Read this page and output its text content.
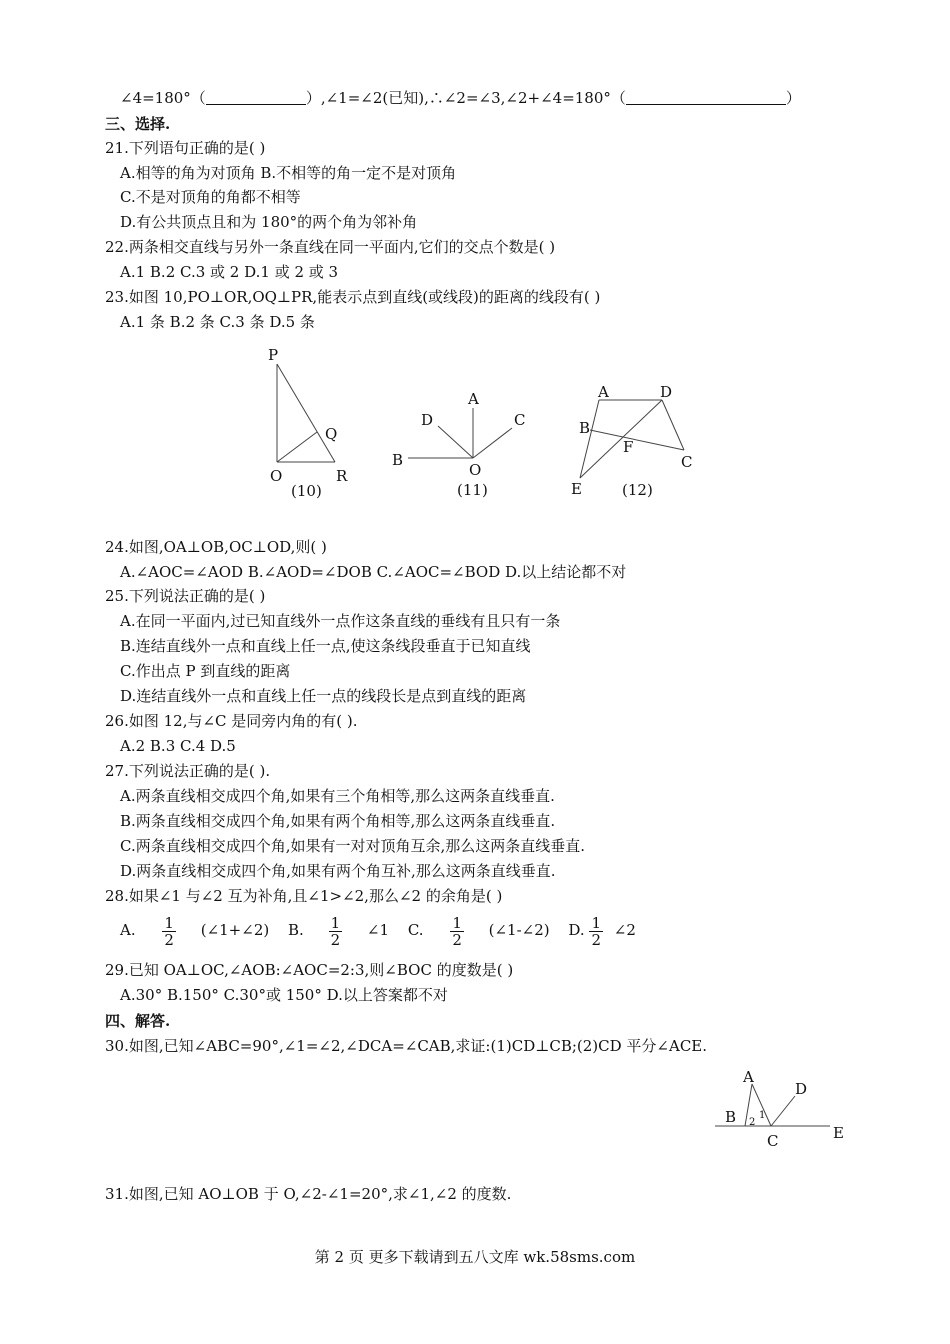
∠4=180°（	）,∠1=∠2(已知),∴∠2=∠3,∠2+∠4=180°（	）
三、选择.
21.下列语句正确的是( )
A.相等的角为对顶角 B.不相等的角一定不是对顶角
C.不是对顶角的角都不相等
D.有公共顶点且和为 180°的两个角为邻补角
22.两条相交直线与另外一条直线在同一平面内,它们的交点个数是( )
A.1 B.2 C.3 或 2 D.1 或 2 或 3
23.如图 10,PO⊥OR,OQ⊥PR,能表示点到直线(或线段)的距离的线段有( )
A.1 条 B.2 条 C.3 条 D.5 条
P
Q
O	R
(10)
A
D	C
B
O
(11)
A	D
B
F
C
E	(12)
24.如图,OA⊥OB,OC⊥OD,则( )
A.∠AOC=∠AOD B.∠AOD=∠DOB C.∠AOC=∠BOD D.以上结论都不对
25.下列说法正确的是( )
A.在同一平面内,过已知直线外一点作这条直线的垂线有且只有一条
B.连结直线外一点和直线上任一点,使这条线段垂直于已知直线
C.作出点 P 到直线的距离
D.连结直线外一点和直线上任一点的线段长是点到直线的距离
26.如图 12,与∠C 是同旁内角的有( ).
A.2 B.3 C.4 D.5
27.下列说法正确的是( ).
A.两条直线相交成四个角,如果有三个角相等,那么这两条直线垂直.
B.两条直线相交成四个角,如果有两个角相等,那么这两条直线垂直.
C.两条直线相交成四个角,如果有一对对顶角互余,那么这两条直线垂直.
D.两条直线相交成四个角,如果有两个角互补,那么这两条直线垂直.
28.如果∠1 与∠2 互为补角,且∠1>∠2,那么∠2 的余角是( )
A. $\frac{1}{2}$ (∠1+∠2) B. $\frac{1}{2}$ ∠1 C. $\frac{1}{2}$ (∠1-∠2) D. $\frac{1}{2}$ ∠2
29.已知 OA⊥OC,∠AOB:∠AOC=2:3,则∠BOC 的度数是( )
A.30° B.150° C.30°或 150° D.以上答案都不对
四、解答.
30.如图,已知∠ABC=90°,∠1=∠2,∠DCA=∠CAB,求证:(1)CD⊥CB;(2)CD 平分∠ACE.
A
B
D
E
C
1
2
31.如图,已知 AO⊥OB 于 O,∠2-∠1=20°,求∠1,∠2 的度数.
第 2 页 更多下载请到五八文库 wk.58sms.com
